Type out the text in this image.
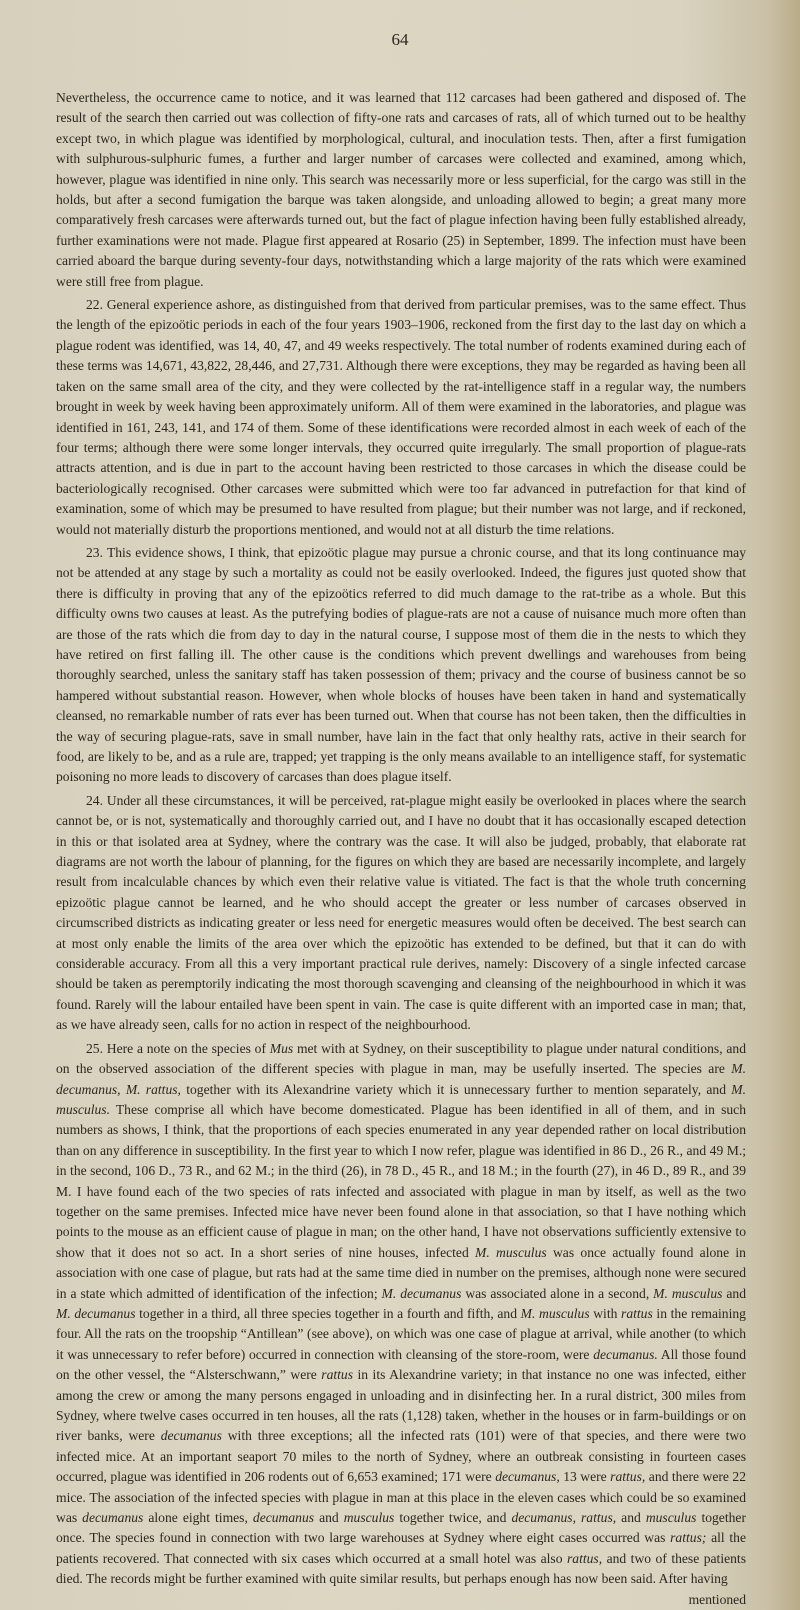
64

Nevertheless, the occurrence came to notice, and it was learned that 112 carcases had been gathered and disposed of. The result of the search then carried out was collection of fifty-one rats and carcases of rats, all of which turned out to be healthy except two, in which plague was identified by morphological, cultural, and inoculation tests. Then, after a first fumigation with sulphurous-sulphuric fumes, a further and larger number of carcases were collected and examined, among which, however, plague was identified in nine only. This search was necessarily more or less superficial, for the cargo was still in the holds, but after a second fumigation the barque was taken alongside, and unloading allowed to begin; a great many more comparatively fresh carcases were afterwards turned out, but the fact of plague infection having been fully established already, further examinations were not made. Plague first appeared at Rosario (25) in September, 1899. The infection must have been carried aboard the barque during seventy-four days, notwithstanding which a large majority of the rats which were examined were still free from plague.

22. General experience ashore, as distinguished from that derived from particular premises, was to the same effect. Thus the length of the epizoötic periods in each of the four years 1903–1906, reckoned from the first day to the last day on which a plague rodent was identified, was 14, 40, 47, and 49 weeks respectively. The total number of rodents examined during each of these terms was 14,671, 43,822, 28,446, and 27,731. Although there were exceptions, they may be regarded as having been all taken on the same small area of the city, and they were collected by the rat-intelligence staff in a regular way, the numbers brought in week by week having been approximately uniform. All of them were examined in the laboratories, and plague was identified in 161, 243, 141, and 174 of them. Some of these identifications were recorded almost in each week of each of the four terms; although there were some longer intervals, they occurred quite irregularly. The small proportion of plague-rats attracts attention, and is due in part to the account having been restricted to those carcases in which the disease could be bacteriologically recognised. Other carcases were submitted which were too far advanced in putrefaction for that kind of examination, some of which may be presumed to have resulted from plague; but their number was not large, and if reckoned, would not materially disturb the proportions mentioned, and would not at all disturb the time relations.

23. This evidence shows, I think, that epizoötic plague may pursue a chronic course, and that its long continuance may not be attended at any stage by such a mortality as could not be easily overlooked. Indeed, the figures just quoted show that there is difficulty in proving that any of the epizoötics referred to did much damage to the rat-tribe as a whole. But this difficulty owns two causes at least. As the putrefying bodies of plague-rats are not a cause of nuisance much more often than are those of the rats which die from day to day in the natural course, I suppose most of them die in the nests to which they have retired on first falling ill. The other cause is the conditions which prevent dwellings and warehouses from being thoroughly searched, unless the sanitary staff has taken possession of them; privacy and the course of business cannot be so hampered without substantial reason. However, when whole blocks of houses have been taken in hand and systematically cleansed, no remarkable number of rats ever has been turned out. When that course has not been taken, then the difficulties in the way of securing plague-rats, save in small number, have lain in the fact that only healthy rats, active in their search for food, are likely to be, and as a rule are, trapped; yet trapping is the only means available to an intelligence staff, for systematic poisoning no more leads to discovery of carcases than does plague itself.

24. Under all these circumstances, it will be perceived, rat-plague might easily be overlooked in places where the search cannot be, or is not, systematically and thoroughly carried out, and I have no doubt that it has occasionally escaped detection in this or that isolated area at Sydney, where the contrary was the case. It will also be judged, probably, that elaborate rat diagrams are not worth the labour of planning, for the figures on which they are based are necessarily incomplete, and largely result from incalculable chances by which even their relative value is vitiated. The fact is that the whole truth concerning epizoötic plague cannot be learned, and he who should accept the greater or less number of carcases observed in circumscribed districts as indicating greater or less need for energetic measures would often be deceived. The best search can at most only enable the limits of the area over which the epizoötic has extended to be defined, but that it can do with considerable accuracy. From all this a very important practical rule derives, namely: Discovery of a single infected carcase should be taken as peremptorily indicating the most thorough scavenging and cleansing of the neighbourhood in which it was found. Rarely will the labour entailed have been spent in vain. The case is quite different with an imported case in man; that, as we have already seen, calls for no action in respect of the neighbourhood.

25. Here a note on the species of Mus met with at Sydney, on their susceptibility to plague under natural conditions, and on the observed association of the different species with plague in man, may be usefully inserted. The species are M. decumanus, M. rattus, together with its Alexandrine variety which it is unnecessary further to mention separately, and M. musculus. These comprise all which have become domesticated. Plague has been identified in all of them, and in such numbers as shows, I think, that the proportions of each species enumerated in any year depended rather on local distribution than on any difference in susceptibility. In the first year to which I now refer, plague was identified in 86 D., 26 R., and 49 M.; in the second, 106 D., 73 R., and 62 M.; in the third (26), in 78 D., 45 R., and 18 M.; in the fourth (27), in 46 D., 89 R., and 39 M. I have found each of the two species of rats infected and associated with plague in man by itself, as well as the two together on the same premises. Infected mice have never been found alone in that association, so that I have nothing which points to the mouse as an efficient cause of plague in man; on the other hand, I have not observations sufficiently extensive to show that it does not so act. In a short series of nine houses, infected M. musculus was once actually found alone in association with one case of plague, but rats had at the same time died in number on the premises, although none were secured in a state which admitted of identification of the infection; M. decumanus was associated alone in a second, M. musculus and M. decumanus together in a third, all three species together in a fourth and fifth, and M. musculus with rattus in the remaining four. All the rats on the troopship “Antillean” (see above), on which was one case of plague at arrival, while another (to which it was unnecessary to refer before) occurred in connection with cleansing of the store-room, were decumanus. All those found on the other vessel, the “Alsterschwann,” were rattus in its Alexandrine variety; in that instance no one was infected, either among the crew or among the many persons engaged in unloading and in disinfecting her. In a rural district, 300 miles from Sydney, where twelve cases occurred in ten houses, all the rats (1,128) taken, whether in the houses or in farm-buildings or on river banks, were decumanus with three exceptions; all the infected rats (101) were of that species, and there were two infected mice. At an important seaport 70 miles to the north of Sydney, where an outbreak consisting in fourteen cases occurred, plague was identified in 206 rodents out of 6,653 examined; 171 were decumanus, 13 were rattus, and there were 22 mice. The association of the infected species with plague in man at this place in the eleven cases which could be so examined was decumanus alone eight times, decumanus and musculus together twice, and decumanus, rattus, and musculus together once. The species found in connection with two large warehouses at Sydney where eight cases occurred was rattus; all the patients recovered. That connected with six cases which occurred at a small hotel was also rattus, and two of these patients died. The records might be further examined with quite similar results, but perhaps enough has now been said. After having

mentioned
